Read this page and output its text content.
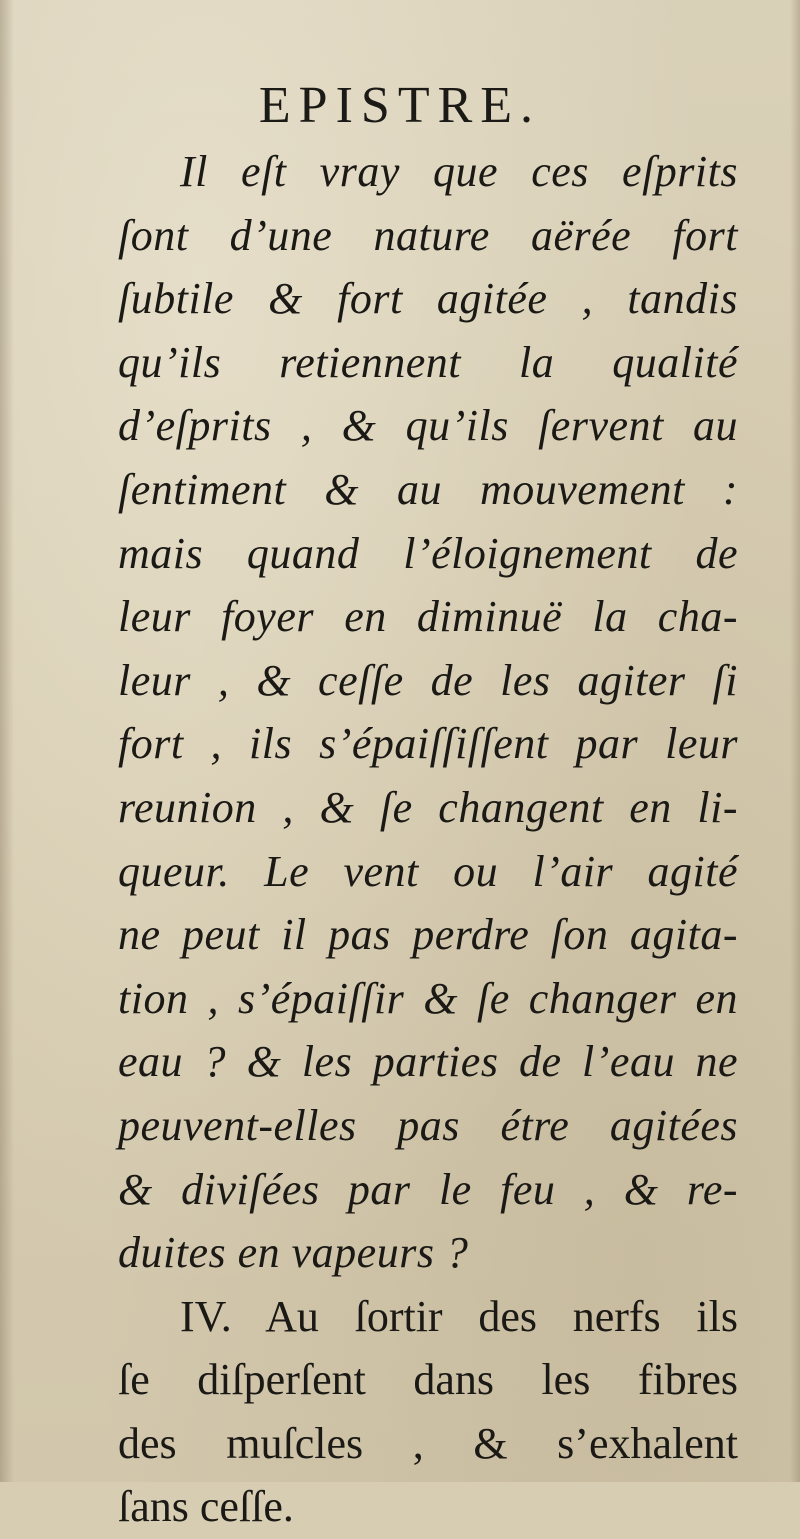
EPISTRE.
Il eſt vray que ces eſprits
ſont d’une nature aërée fort
ſubtile & fort agitée , tandis
qu’ils retiennent la qualité
d’eſprits , & qu’ils ſervent au
ſentiment & au mouvement :
mais quand l’éloignement de
leur foyer en diminuë la cha-
leur , & ceſſe de les agiter ſi
fort , ils s’épaiſſiſſent par leur
reunion , & ſe changent en li-
queur. Le vent ou l’air agité
ne peut il pas perdre ſon agita-
tion , s’épaiſſir & ſe changer en
eau ? & les parties de l’eau ne
peuvent-elles pas étre agitées
& diviſées par le feu , & re-
duites en vapeurs ?
IV. Au ſortir des nerfs ils
ſe diſperſent dans les fibres
des muſcles , & s’exhalent
ſans ceſſe.
